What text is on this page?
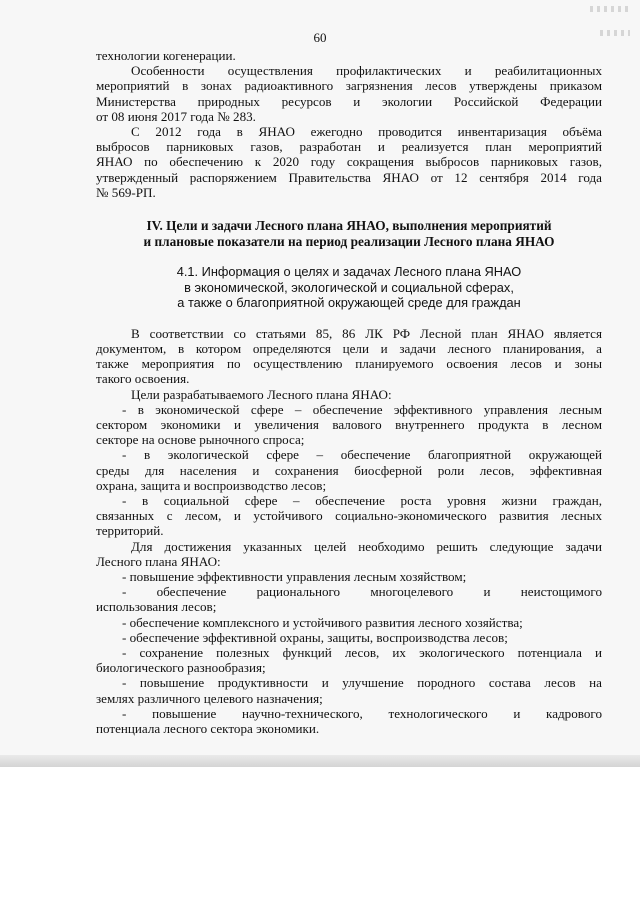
60

технологии когенерации.

Особенности осуществления профилактических и реабилитационных

мероприятий в зонах радиоактивного загрязнения лесов утверждены приказом

Министерства природных ресурсов и экологии Российской Федерации

от 08 июня 2017 года № 283.

С 2012 года в ЯНАО ежегодно проводится инвентаризация объёма

выбросов парниковых газов, разработан и реализуется план мероприятий

ЯНАО по обеспечению к 2020 году сокращения выбросов парниковых газов,

утвержденный распоряжением Правительства ЯНАО от 12 сентября 2014 года

№ 569-РП.

IV. Цели и задачи Лесного плана ЯНАО, выполнения мероприятий
и плановые показатели на период реализации Лесного плана ЯНАО
4.1. Информация о целях и задачах Лесного плана ЯНАО
в экономической, экологической и социальной сферах,
а также о благоприятной окружающей среде для граждан

В соответствии со статьями 85, 86 ЛК РФ Лесной план ЯНАО является

документом, в котором определяются цели и задачи лесного планирования, а

также мероприятия по осуществлению планируемого освоения лесов и зоны

такого освоения.

Цели разрабатываемого Лесного плана ЯНАО:

- в экономической сфере – обеспечение эффективного управления лесным

сектором экономики и увеличения валового внутреннего продукта в лесном

секторе на основе рыночного спроса;

- в экологической сфере – обеспечение благоприятной окружающей

среды для населения и сохранения биосферной роли лесов, эффективная

охрана, защита и воспроизводство лесов;

- в социальной сфере – обеспечение роста уровня жизни граждан,

связанных с лесом, и устойчивого социально-экономического развития лесных

территорий.

Для достижения указанных целей необходимо решить следующие задачи

Лесного плана ЯНАО:

- повышение эффективности управления лесным хозяйством;

- обеспечение рационального многоцелевого и неистощимого

использования лесов;

- обеспечение комплексного и устойчивого развития лесного хозяйства;

- обеспечение эффективной охраны, защиты, воспроизводства лесов;

- сохранение полезных функций лесов, их экологического потенциала и

биологического разнообразия;

- повышение продуктивности и улучшение породного состава лесов на

землях различного целевого назначения;

- повышение научно-технического, технологического и кадрового

потенциала лесного сектора экономики.
